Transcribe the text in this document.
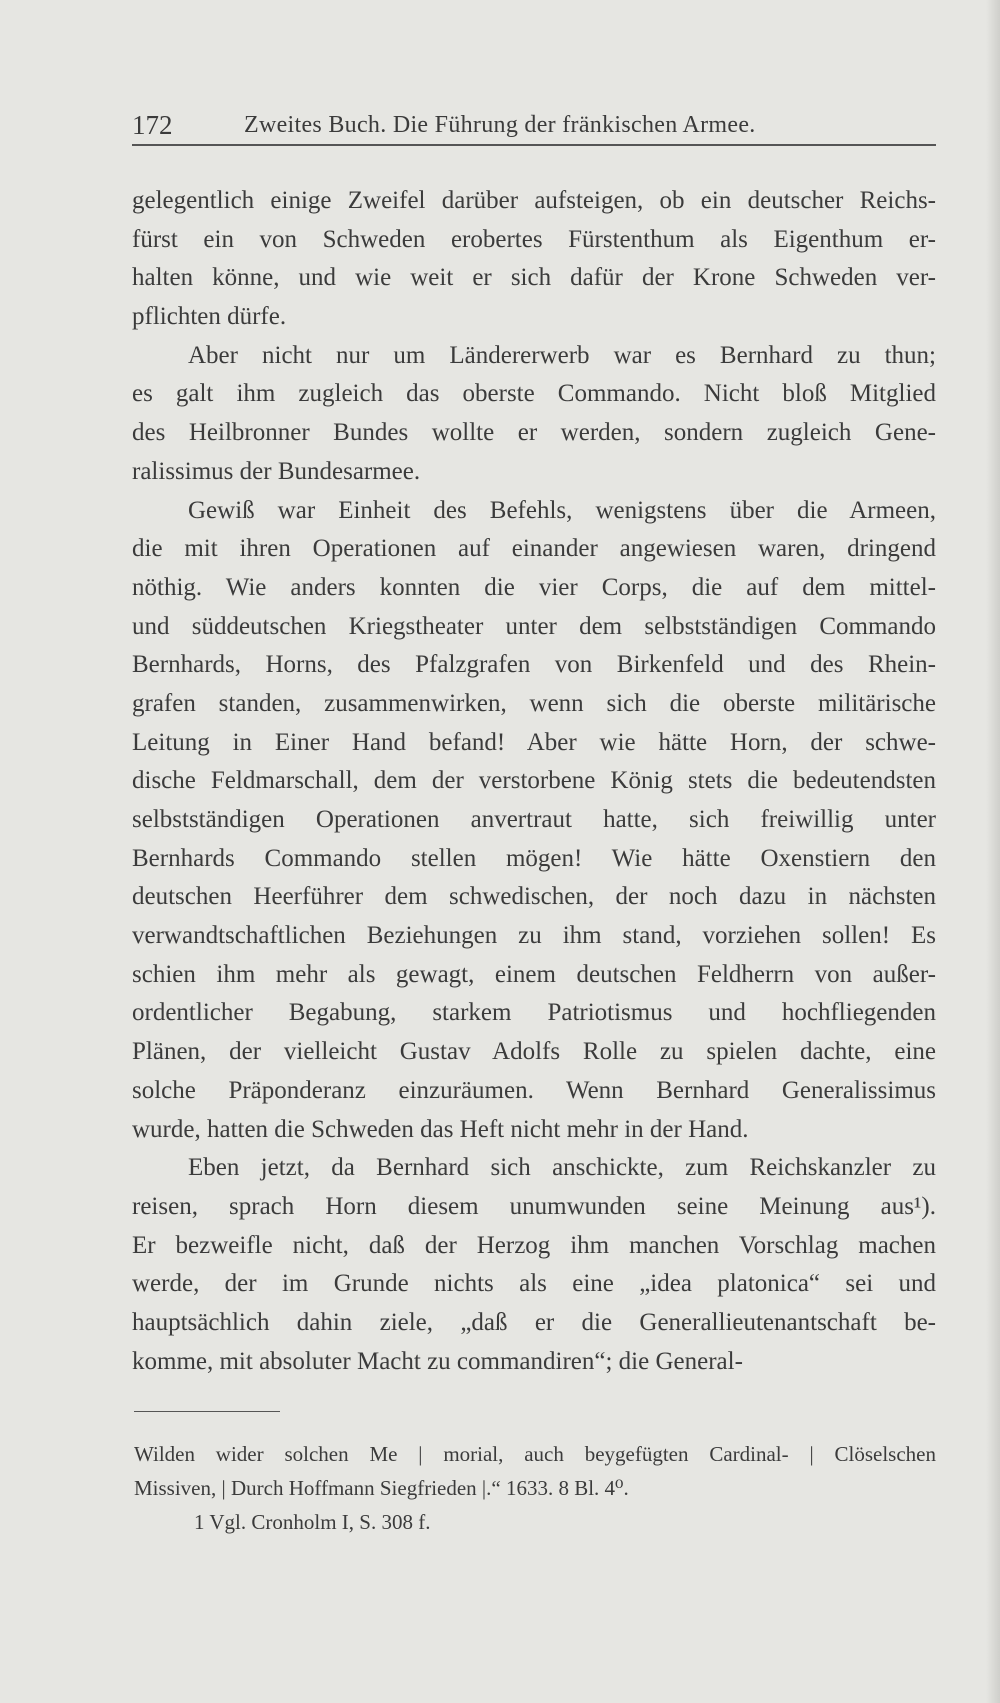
172	Zweites Buch. Die Führung der fränkischen Armee.
gelegentlich einige Zweifel darüber aufsteigen, ob ein deutscher Reichs-
fürst ein von Schweden erobertes Fürstenthum als Eigenthum er-
halten könne, und wie weit er sich dafür der Krone Schweden ver-
pflichten dürfe.
Aber nicht nur um Ländererwerb war es Bernhard zu thun;
es galt ihm zugleich das oberste Commando. Nicht bloß Mitglied
des Heilbronner Bundes wollte er werden, sondern zugleich Gene-
ralissimus der Bundesarmee.
Gewiß war Einheit des Befehls, wenigstens über die Armeen,
die mit ihren Operationen auf einander angewiesen waren, dringend
nöthig. Wie anders konnten die vier Corps, die auf dem mittel-
und süddeutschen Kriegstheater unter dem selbstständigen Commando
Bernhards, Horns, des Pfalzgrafen von Birkenfeld und des Rhein-
grafen standen, zusammenwirken, wenn sich die oberste militärische
Leitung in Einer Hand befand! Aber wie hätte Horn, der schwe-
dische Feldmarschall, dem der verstorbene König stets die bedeutendsten
selbstständigen Operationen anvertraut hatte, sich freiwillig unter
Bernhards Commando stellen mögen! Wie hätte Oxenstiern den
deutschen Heerführer dem schwedischen, der noch dazu in nächsten
verwandtschaftlichen Beziehungen zu ihm stand, vorziehen sollen! Es
schien ihm mehr als gewagt, einem deutschen Feldherrn von außer-
ordentlicher Begabung, starkem Patriotismus und hochfliegenden
Plänen, der vielleicht Gustav Adolfs Rolle zu spielen dachte, eine
solche Präponderanz einzuräumen. Wenn Bernhard Generalissimus
wurde, hatten die Schweden das Heft nicht mehr in der Hand.
Eben jetzt, da Bernhard sich anschickte, zum Reichskanzler zu
reisen, sprach Horn diesem unumwunden seine Meinung aus¹).
Er bezweifle nicht, daß der Herzog ihm manchen Vorschlag machen
werde, der im Grunde nichts als eine „idea platonica“ sei und
hauptsächlich dahin ziele, „daß er die Generallieutenantschaft be-
komme, mit absoluter Macht zu commandiren“; die General-
Wilden wider solchen Me | morial, auch beygefügten Cardinal- | Clöselschen
Missiven, | Durch Hoffmann Siegfrieden |.“ 1633. 8 Bl. 4⁰.
1 Vgl. Cronholm I, S. 308 f.
